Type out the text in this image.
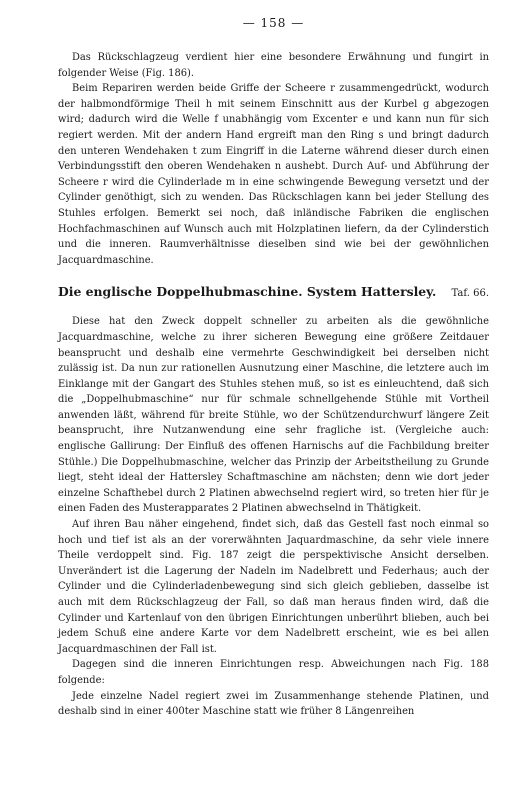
— 158 —

Das Rückschlagzeug verdient hier eine besondere Erwähnung und fungirt in folgender Weise (Fig. 186).

Beim Repariren werden beide Griffe der Scheere r zusammengedrückt, wodurch der halbmondförmige Theil h mit seinem Einschnitt aus der Kurbel g abgezogen wird; dadurch wird die Welle f unabhängig vom Excenter e und kann nun für sich regiert werden. Mit der andern Hand ergreift man den Ring s und bringt dadurch den unteren Wendehaken t zum Eingriff in die Laterne während dieser durch einen Verbindungsstift den oberen Wendehaken n aushebt. Durch Auf- und Abführung der Scheere r wird die Cylinderlade m in eine schwingende Bewegung versetzt und der Cylinder genöthigt, sich zu wenden. Das Rückschlagen kann bei jeder Stellung des Stuhles erfolgen. Bemerkt sei noch, daß inländische Fabriken die englischen Hochfachmaschinen auf Wunsch auch mit Holzplatinen liefern, da der Cylinderstich und die inneren. Raumverhältnisse dieselben sind wie bei der gewöhnlichen Jacquardmaschine.

Die englische Doppelhubmaschine. System Hattersley. Taf. 66.

Diese hat den Zweck doppelt schneller zu arbeiten als die gewöhnliche Jacquardmaschine, welche zu ihrer sicheren Bewegung eine größere Zeitdauer beansprucht und deshalb eine vermehrte Geschwindigkeit bei derselben nicht zulässig ist. Da nun zur rationellen Ausnutzung einer Maschine, die letztere auch im Einklange mit der Gangart des Stuhles stehen muß, so ist es einleuchtend, daß sich die „Doppelhubmaschine“ nur für schmale schnellgehende Stühle mit Vortheil anwenden läßt, während für breite Stühle, wo der Schützendurchwurf längere Zeit beansprucht, ihre Nutzanwendung eine sehr fragliche ist. (Vergleiche auch: englische Gallirung: Der Einfluß des offenen Harnischs auf die Fachbildung breiter Stühle.) Die Doppelhubmaschine, welcher das Prinzip der Arbeitstheilung zu Grunde liegt, steht ideal der Hattersley Schaftmaschine am nächsten; denn wie dort jeder einzelne Schafthebel durch 2 Platinen abwechselnd regiert wird, so treten hier für je einen Faden des Musterapparates 2 Platinen abwechselnd in Thätigkeit.

Auf ihren Bau näher eingehend, findet sich, daß das Gestell fast noch einmal so hoch und tief ist als an der vorerwähnten Jaquardmaschine, da sehr viele innere Theile verdoppelt sind. Fig. 187 zeigt die perspektivische Ansicht derselben. Unverändert ist die Lagerung der Nadeln im Nadelbrett und Federhaus; auch der Cylinder und die Cylinderladenbewegung sind sich gleich geblieben, dasselbe ist auch mit dem Rückschlagzeug der Fall, so daß man heraus finden wird, daß die Cylinder und Kartenlauf von den übrigen Einrichtungen unberührt blieben, auch bei jedem Schuß eine andere Karte vor dem Nadelbrett erscheint, wie es bei allen Jacquardmaschinen der Fall ist.

Dagegen sind die inneren Einrichtungen resp. Abweichungen nach Fig. 188 folgende:

Jede einzelne Nadel regiert zwei im Zusammenhange stehende Platinen, und deshalb sind in einer 400ter Maschine statt wie früher 8 Längenreihen
